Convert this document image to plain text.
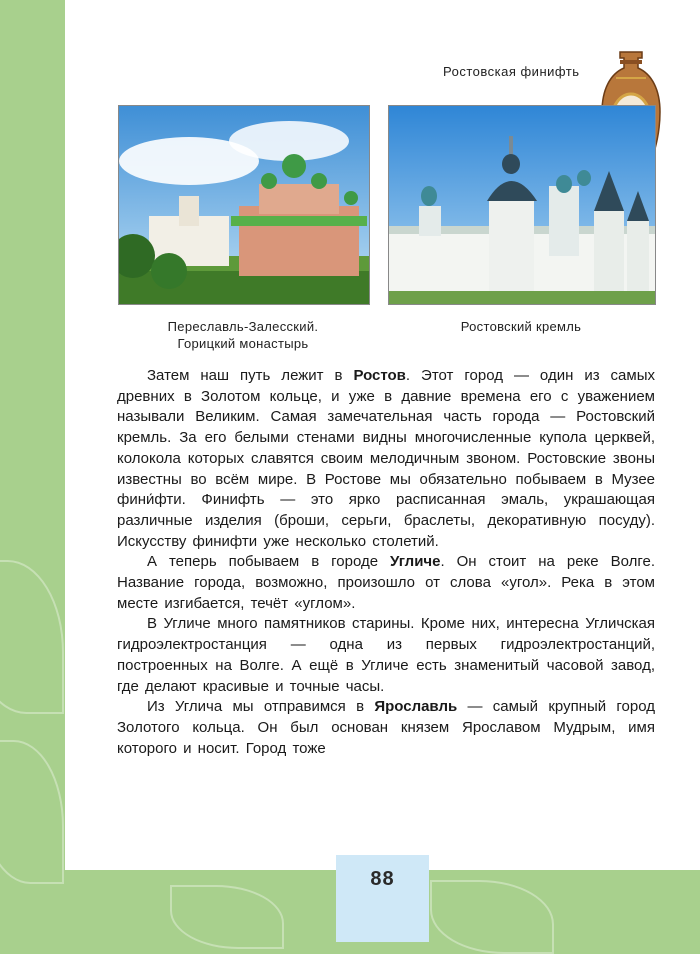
Ростовская финифть
Переславль-Залесский.
Горицкий монастырь
Ростовский кремль

Затем наш путь лежит в Ростов. Этот город — один из самых древних в Золотом кольце, и уже в давние времена его с уважением называли Великим. Самая замечательная часть города — Ростовский кремль. За его белыми стенами видны многочисленные купола церквей, колокола которых славятся своим мелодичным звоном. Ростовские звоны известны во всём мире. В Ростове мы обязательно побываем в Музее фини́фти. Финифть — это ярко расписанная эмаль, украшающая различные изделия (броши, серьги, браслеты, декоративную посуду). Искусству финифти уже несколько столетий.

А теперь побываем в городе Угличе. Он стоит на реке Волге. Название города, возможно, произошло от слова «угол». Река в этом месте изгибается, течёт «углом».

В Угличе много памятников старины. Кроме них, интересна Угличская гидроэлектростанция — одна из первых гидроэлектростанций, построенных на Волге. А ещё в Угличе есть знаменитый часовой завод, где делают красивые и точные часы.

Из Углича мы отправимся в Ярославль — самый крупный город Золотого кольца. Он был основан князем Ярославом Мудрым, имя которого и носит. Город тоже

88
